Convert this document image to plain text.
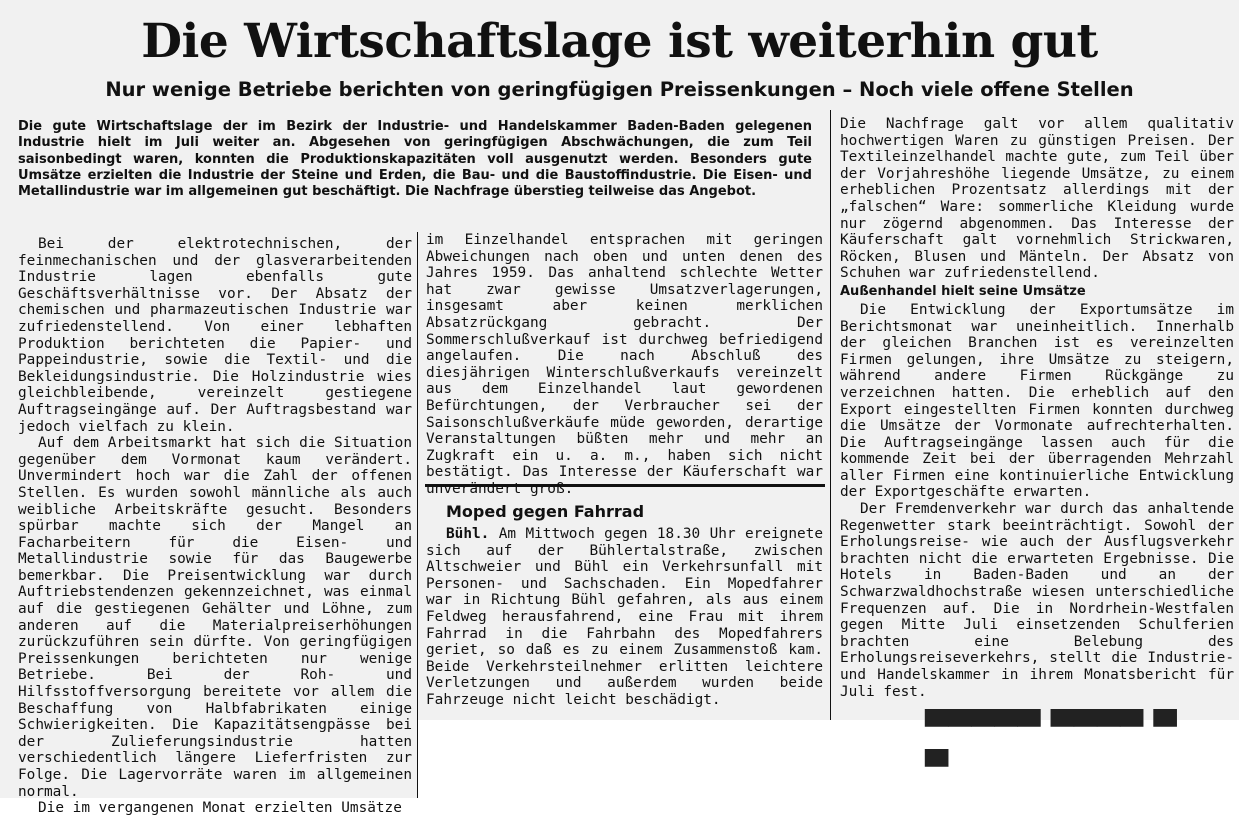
Die Wirtschaftslage ist weiterhin gut
Nur wenige Betriebe berichten von geringfügigen Preissenkungen – Noch viele offene Stellen
Die gute Wirtschaftslage der im Bezirk der Industrie- und Handelskammer Baden-Baden gelegenen Industrie hielt im Juli weiter an. Abgesehen von geringfügigen Abschwächungen, die zum Teil saisonbedingt waren, konnten die Produktionskapazitäten voll ausgenutzt werden. Besonders gute Umsätze erzielten die Industrie der Steine und Erden, die Bau- und die Baustoffindustrie. Die Eisen- und Metallindustrie war im allgemeinen gut beschäftigt. Die Nachfrage überstieg teilweise das Angebot.

Bei der elektrotechnischen, der feinmechanischen und der glasverarbeitenden Industrie lagen ebenfalls gute Geschäftsverhältnisse vor. Der Absatz der chemischen und pharmazeutischen Industrie war zufriedenstellend. Von einer lebhaften Produktion berichteten die Papier- und Pappeindustrie, sowie die Textil- und die Bekleidungsindustrie. Die Holzindustrie wies gleichbleibende, vereinzelt gestiegene Auftragseingänge auf. Der Auftragsbestand war jedoch vielfach zu klein.

Auf dem Arbeitsmarkt hat sich die Situation gegenüber dem Vormonat kaum verändert. Unvermindert hoch war die Zahl der offenen Stellen. Es wurden sowohl männliche als auch weibliche Arbeitskräfte gesucht. Besonders spürbar machte sich der Mangel an Facharbeitern für die Eisen- und Metallindustrie sowie für das Baugewerbe bemerkbar. Die Preisentwicklung war durch Auftriebstendenzen gekennzeichnet, was einmal auf die gestiegenen Gehälter und Löhne, zum anderen auf die Materialpreiserhöhungen zurückzuführen sein dürfte. Von geringfügigen Preissenkungen berichteten nur wenige Betriebe. Bei der Roh- und Hilfsstoffversorgung bereitete vor allem die Beschaffung von Halbfabrikaten einige Schwierigkeiten. Die Kapazitätsengpässe bei der Zulieferungsindustrie hatten verschiedentlich längere Lieferfristen zur Folge. Die Lagervorräte waren im allgemeinen normal.

Die im vergangenen Monat erzielten Umsätze

im Einzelhandel entsprachen mit geringen Abweichungen nach oben und unten denen des Jahres 1959. Das anhaltend schlechte Wetter hat zwar gewisse Umsatzverlagerungen, insgesamt aber keinen merklichen Absatzrückgang gebracht. Der Sommerschlußverkauf ist durchweg befriedigend angelaufen. Die nach Abschluß des diesjährigen Winterschlußverkaufs vereinzelt aus dem Einzelhandel laut gewordenen Befürchtungen, der Verbraucher sei der Saisonschlußverkäufe müde geworden, derartige Veranstaltungen büßten mehr und mehr an Zugkraft ein u. a. m., haben sich nicht bestätigt. Das Interesse der Käuferschaft war unverändert groß.

Moped gegen Fahrrad

Bühl. Am Mittwoch gegen 18.30 Uhr ereignete sich auf der Bühlertalstraße, zwischen Altschweier und Bühl ein Verkehrsunfall mit Personen- und Sachschaden. Ein Mopedfahrer war in Richtung Bühl gefahren, als aus einem Feldweg herausfahrend, eine Frau mit ihrem Fahrrad in die Fahrbahn des Mopedfahrers geriet, so daß es zu einem Zusammenstoß kam. Beide Verkehrsteilnehmer erlitten leichtere Verletzungen und außerdem wurden beide Fahrzeuge nicht leicht beschädigt.

Die Nachfrage galt vor allem qualitativ hochwertigen Waren zu günstigen Preisen. Der Textileinzelhandel machte gute, zum Teil über der Vorjahreshöhe liegende Umsätze, zu einem erheblichen Prozentsatz allerdings mit der „falschen“ Ware: sommerliche Kleidung wurde nur zögernd abgenommen. Das Interesse der Käuferschaft galt vornehmlich Strickwaren, Röcken, Blusen und Mänteln. Der Absatz von Schuhen war zufriedenstellend.

Außenhandel hielt seine Umsätze

Die Entwicklung der Exportumsätze im Berichtsmonat war uneinheitlich. Innerhalb der gleichen Branchen ist es vereinzelten Firmen gelungen, ihre Umsätze zu steigern, während andere Firmen Rückgänge zu verzeichnen hatten. Die erheblich auf den Export eingestellten Firmen konnten durchweg die Umsätze der Vormonate aufrechterhalten. Die Auftragseingänge lassen auch für die kommende Zeit bei der überragenden Mehrzahl aller Firmen eine kontinuierliche Entwicklung der Exportgeschäfte erwarten.

Der Fremdenverkehr war durch das anhaltende Regenwetter stark beeinträchtigt. Sowohl der Erholungsreise- wie auch der Ausflugsverkehr brachten nicht die erwarteten Ergebnisse. Die Hotels in Baden-Baden und an der Schwarzwaldhochstraße wiesen unterschiedliche Frequenzen auf. Die in Nordrhein-Westfalen gegen Mitte Juli einsetzenden Schulferien brachten eine Belebung des Erholungsreiseverkehrs, stellt die Industrie- und Handelskammer in ihrem Monatsbericht für Juli fest.
